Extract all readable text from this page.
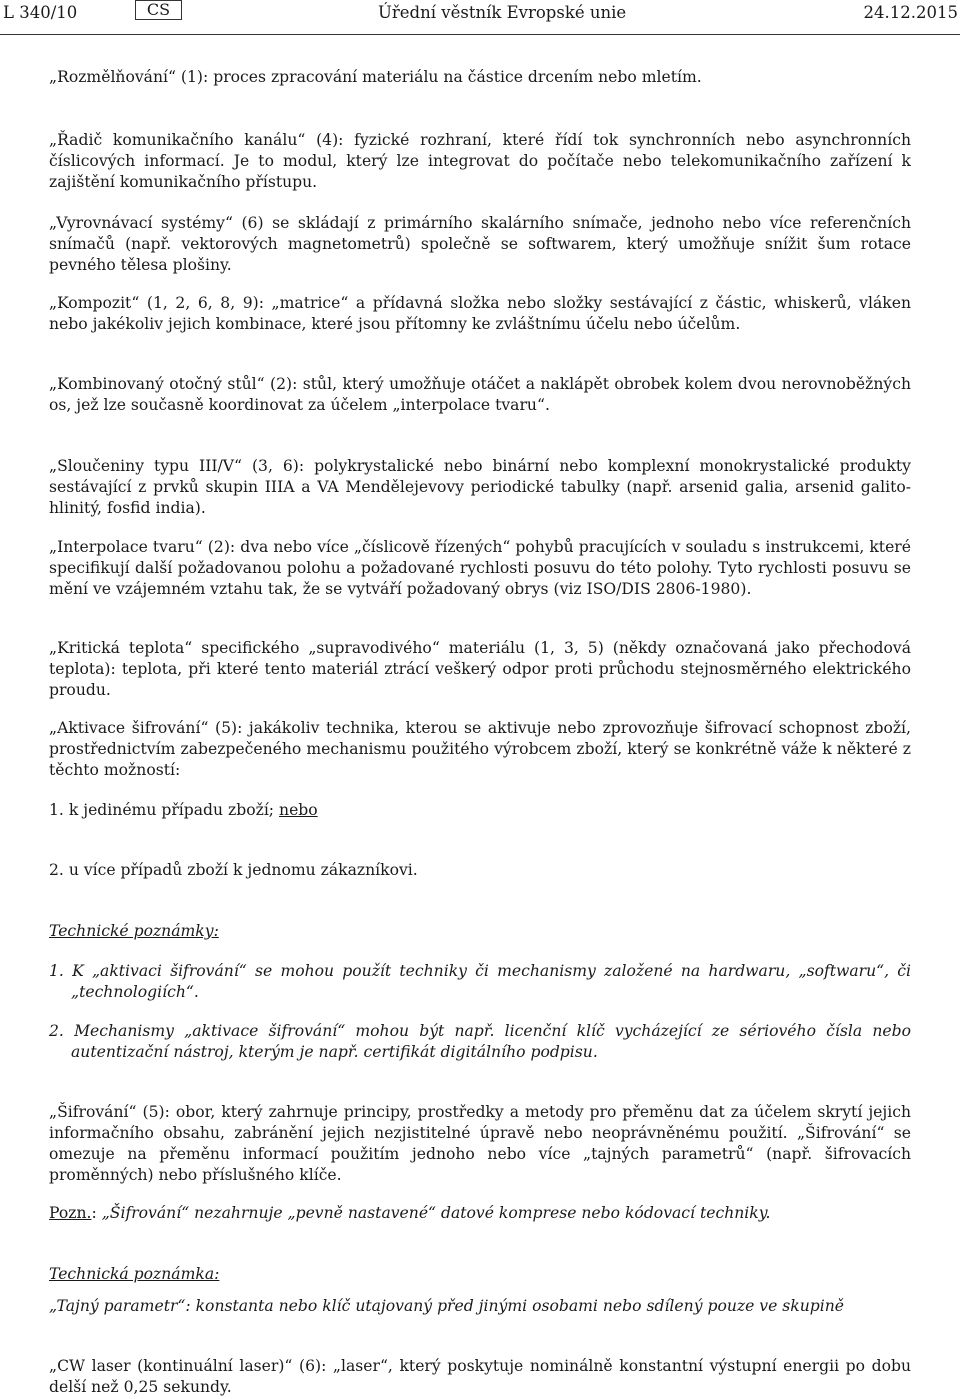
L 340/10	CS	Úřední věstník Evropské unie	24.12.2015

„Rozmělňování“ (1): proces zpracování materiálu na částice drcením nebo mletím.

„Řadič komunikačního kanálu“ (4): fyzické rozhraní, které řídí tok synchronních nebo asynchronních číslicových informací. Je to modul, který lze integrovat do počítače nebo telekomunikačního zařízení k zajištění komunikačního přístupu.

„Vyrovnávací systémy“ (6) se skládají z primárního skalárního snímače, jednoho nebo více referenčních snímačů (např. vektorových magnetometrů) společně se softwarem, který umožňuje snížit šum rotace pevného tělesa plošiny.

„Kompozit“ (1, 2, 6, 8, 9): „matrice“ a přídavná složka nebo složky sestávající z částic, whiskerů, vláken nebo jakékoliv jejich kombinace, které jsou přítomny ke zvláštnímu účelu nebo účelům.

„Kombinovaný otočný stůl“ (2): stůl, který umožňuje otáčet a naklápět obrobek kolem dvou nerovnoběžných os, jež lze současně koordinovat za účelem „interpolace tvaru“.

„Sloučeniny typu III/V“ (3, 6): polykrystalické nebo binární nebo komplexní monokrystalické produkty sestávající z prvků skupin IIIA a VA Mendělejevovy periodické tabulky (např. arsenid galia, arsenid galito-hlinitý, fosfid india).

„Interpolace tvaru“ (2): dva nebo více „číslicově řízených“ pohybů pracujících v souladu s instrukcemi, které specifikují další požadovanou polohu a požadované rychlosti posuvu do této polohy. Tyto rychlosti posuvu se mění ve vzájemném vztahu tak, že se vytváří požadovaný obrys (viz ISO/DIS 2806-1980).

„Kritická teplota“ specifického „supravodivého“ materiálu (1, 3, 5) (někdy označovaná jako přechodová teplota): teplota, při které tento materiál ztrácí veškerý odpor proti průchodu stejnosměrného elektrického proudu.

„Aktivace šifrování“ (5): jakákoliv technika, kterou se aktivuje nebo zprovozňuje šifrovací schopnost zboží, prostřednictvím zabezpečeného mechanismu použitého výrobcem zboží, který se konkrétně váže k některé z těchto možností:

1. k jedinému případu zboží; nebo

2. u více případů zboží k jednomu zákazníkovi.

Technické poznámky:

1. K „aktivaci šifrování“ se mohou použít techniky či mechanismy založené na hardwaru, „softwaru“, či „technologiích“.

2. Mechanismy „aktivace šifrování“ mohou být např. licenční klíč vycházející ze sériového čísla nebo autentizační nástroj, kterým je např. certifikát digitálního podpisu.

„Šifrování“ (5): obor, který zahrnuje principy, prostředky a metody pro přeměnu dat za účelem skrytí jejich informačního obsahu, zabránění jejich nezjistitelné úpravě nebo neoprávněnému použití. „Šifrování“ se omezuje na přeměnu informací použitím jednoho nebo více „tajných parametrů“ (např. šifrovacích proměnných) nebo příslušného klíče.

Pozn.: „Šifrování“ nezahrnuje „pevně nastavené“ datové komprese nebo kódovací techniky.

Technická poznámka:

„Tajný parametr“: konstanta nebo klíč utajovaný před jinými osobami nebo sdílený pouze ve skupině

„CW laser (kontinuální laser)“ (6): „laser“, který poskytuje nominálně konstantní výstupní energii po dobu delší než 0,25 sekundy.
